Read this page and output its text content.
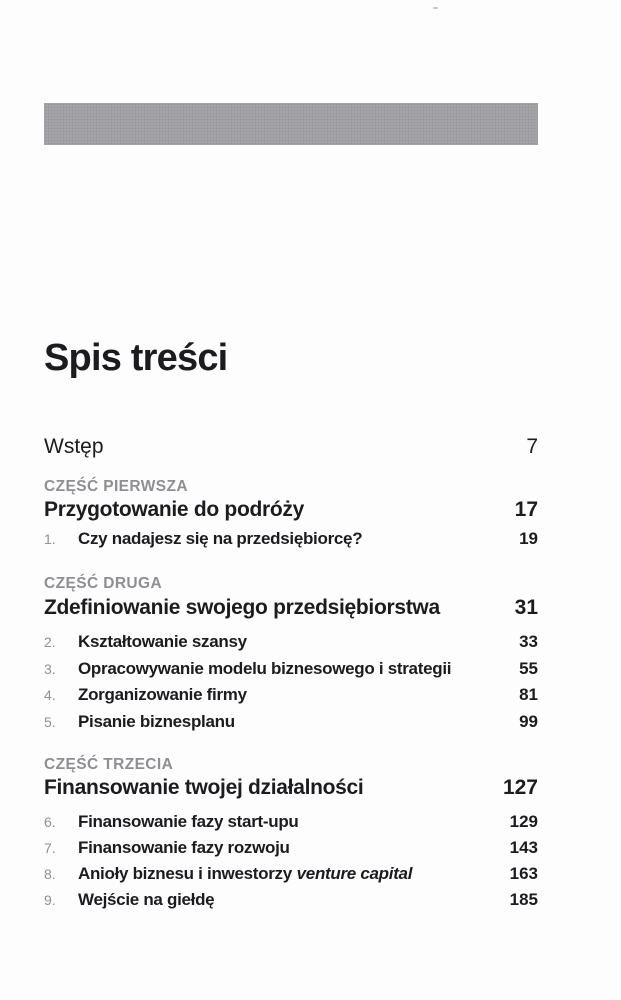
Spis treści
Wstęp	7

CZĘŚĆ PIERWSZA

Przygotowanie do podróży	17
1.	Czy nadajesz się na przedsiębiorcę?	19

CZĘŚĆ DRUGA

Zdefiniowanie swojego przedsiębiorstwa	31
2.	Kształtowanie szansy	33
3.	Opracowywanie modelu biznesowego i strategii	55
4.	Zorganizowanie firmy	81
5.	Pisanie biznesplanu	99

CZĘŚĆ TRZECIA

Finansowanie twojej działalności	127
6.	Finansowanie fazy start-upu	129
7.	Finansowanie fazy rozwoju	143
8.	Anioły biznesu i inwestorzy venture capital	163
9.	Wejście na giełdę	185
